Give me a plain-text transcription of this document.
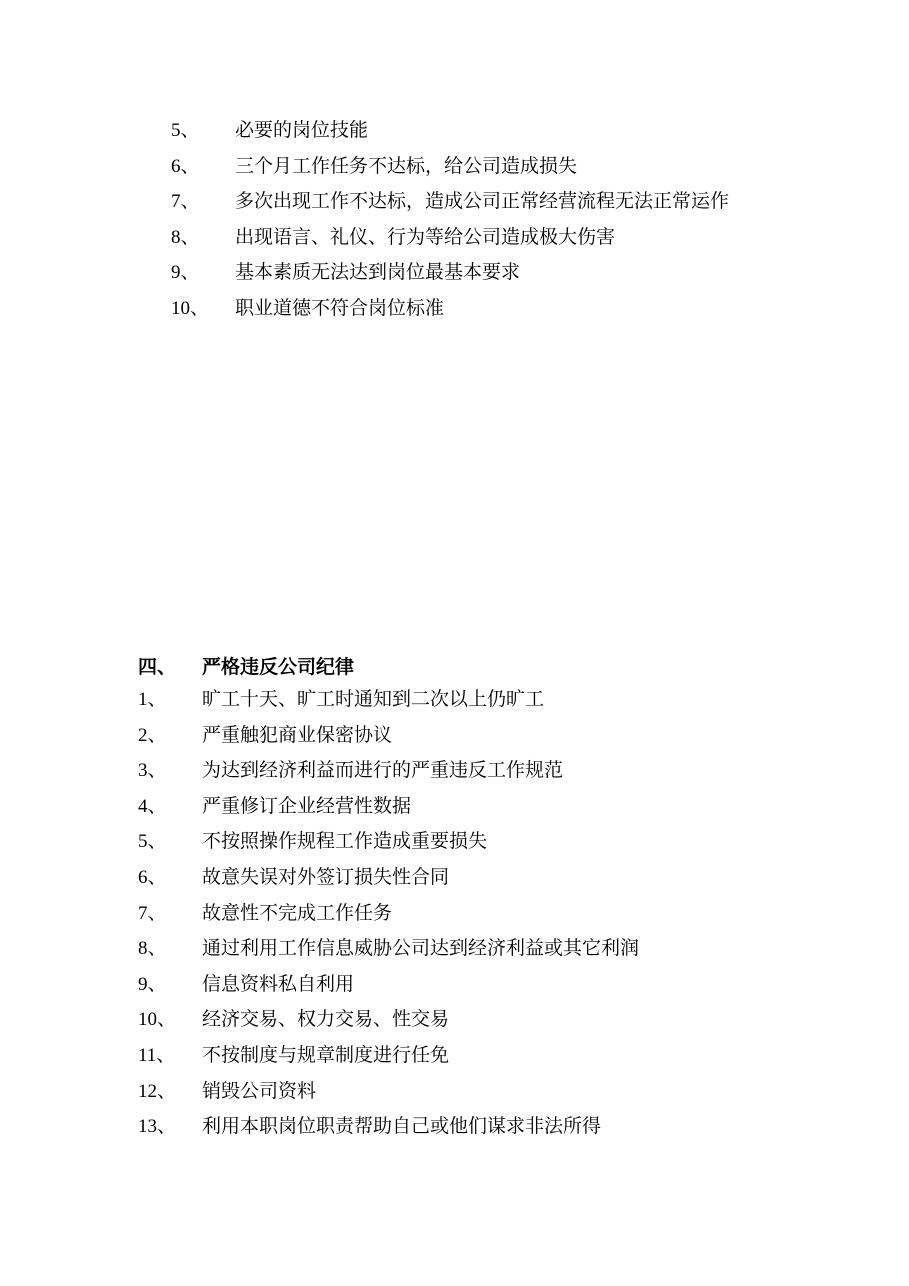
5、	必要的岗位技能
6、	三个月工作任务不达标，给公司造成损失
7、	多次出现工作不达标，造成公司正常经营流程无法正常运作
8、	出现语言、礼仪、行为等给公司造成极大伤害
9、	基本素质无法达到岗位最基本要求
10、	职业道德不符合岗位标准
四、	严格违反公司纪律
1、	旷工十天、旷工时通知到二次以上仍旷工
2、	严重触犯商业保密协议
3、	为达到经济利益而进行的严重违反工作规范
4、	严重修订企业经营性数据
5、	不按照操作规程工作造成重要损失
6、	故意失误对外签订损失性合同
7、	故意性不完成工作任务
8、	通过利用工作信息威胁公司达到经济利益或其它利润
9、	信息资料私自利用
10、	经济交易、权力交易、性交易
11、	不按制度与规章制度进行任免
12、	销毁公司资料
13、	利用本职岗位职责帮助自己或他们谋求非法所得
